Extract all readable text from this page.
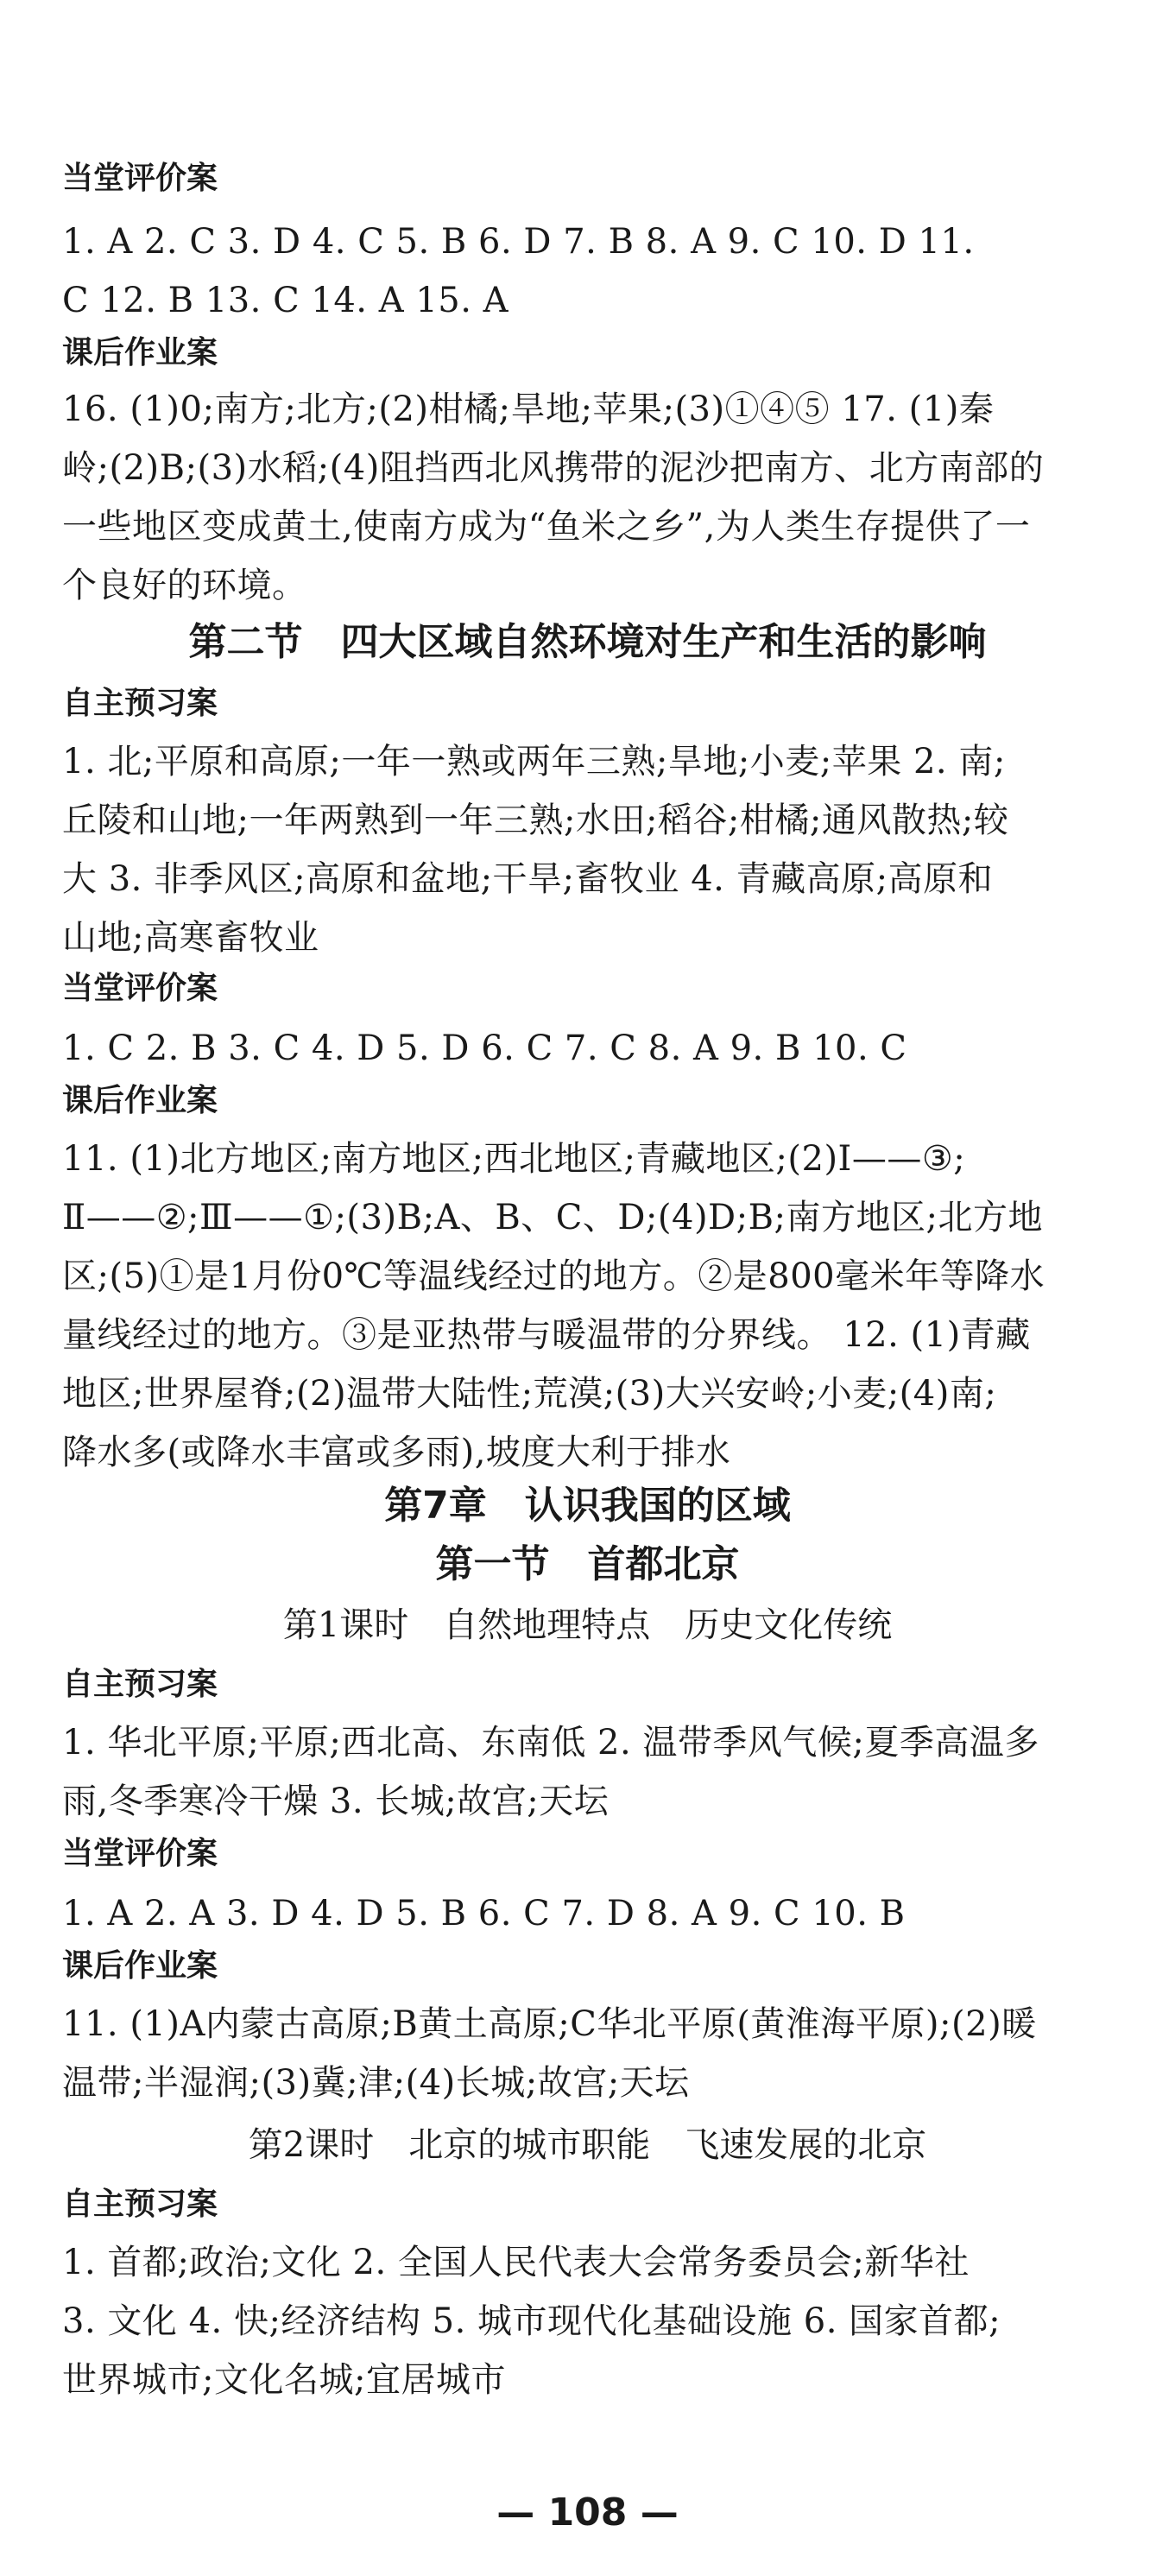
当堂评价案
1. A 2. C 3. D 4. C 5. B 6. D 7. B 8. A 9. C 10. D 11.
C 12. B 13. C 14. A 15. A
课后作业案
16. (1)0;南方;北方;(2)柑橘;旱地;苹果;(3)①④⑤ 17. (1)秦
岭;(2)B;(3)水稻;(4)阻挡西北风携带的泥沙把南方、北方南部的
一些地区变成黄土,使南方成为“鱼米之乡”,为人类生存提供了一
个良好的环境。
第二节　四大区域自然环境对生产和生活的影响
自主预习案
1. 北;平原和高原;一年一熟或两年三熟;旱地;小麦;苹果 2. 南;
丘陵和山地;一年两熟到一年三熟;水田;稻谷;柑橘;通风散热;较
大 3. 非季风区;高原和盆地;干旱;畜牧业 4. 青藏高原;高原和
山地;高寒畜牧业
当堂评价案
1. C 2. B 3. C 4. D 5. D 6. C 7. C 8. A 9. B 10. C
课后作业案
11. (1)北方地区;南方地区;西北地区;青藏地区;(2)Ⅰ——③;
Ⅱ——②;Ⅲ——①;(3)B;A、B、C、D;(4)D;B;南方地区;北方地
区;(5)①是1月份0℃等温线经过的地方。②是800毫米年等降水
量线经过的地方。③是亚热带与暖温带的分界线。 12. (1)青藏
地区;世界屋脊;(2)温带大陆性;荒漠;(3)大兴安岭;小麦;(4)南;
降水多(或降水丰富或多雨),坡度大利于排水
第7章　认识我国的区域
第一节　首都北京
第1课时　自然地理特点　历史文化传统
自主预习案
1. 华北平原;平原;西北高、东南低 2. 温带季风气候;夏季高温多
雨,冬季寒冷干燥 3. 长城;故宫;天坛
当堂评价案
1. A 2. A 3. D 4. D 5. B 6. C 7. D 8. A 9. C 10. B
课后作业案
11. (1)A内蒙古高原;B黄土高原;C华北平原(黄淮海平原);(2)暖
温带;半湿润;(3)冀;津;(4)长城;故宫;天坛
第2课时　北京的城市职能　飞速发展的北京
自主预习案
1. 首都;政治;文化 2. 全国人民代表大会常务委员会;新华社
3. 文化 4. 快;经济结构 5. 城市现代化基础设施 6. 国家首都;
世界城市;文化名城;宜居城市
— 108 —
